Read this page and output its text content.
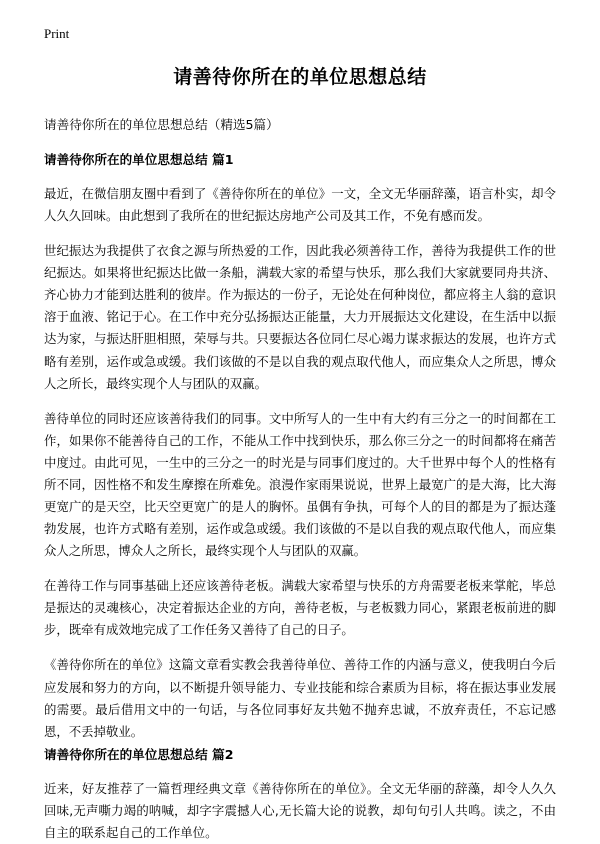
Print
请善待你所在的单位思想总结
请善待你所在的单位思想总结（精选5篇）
请善待你所在的单位思想总结 篇1

最近，在微信朋友圈中看到了《善待你所在的单位》一文，全文无华丽辞藻，语言朴实，却令人久久回味。由此想到了我所在的世纪振达房地产公司及其工作，不免有感而发。

世纪振达为我提供了衣食之源与所热爱的工作，因此我必须善待工作，善待为我提供工作的世纪振达。如果将世纪振达比做一条船，满载大家的希望与快乐，那么我们大家就要同舟共济、齐心协力才能到达胜利的彼岸。作为振达的一份子，无论处在何种岗位，都应将主人翁的意识溶于血液、铭记于心。在工作中充分弘扬振达正能量，大力开展振达文化建设，在生活中以振达为家，与振达肝胆相照，荣辱与共。只要振达各位同仁尽心竭力谋求振达的发展，也许方式略有差别，运作或急或缓。我们该做的不是以自我的观点取代他人，而应集众人之所思，博众人之所长，最终实现个人与团队的双赢。

善待单位的同时还应该善待我们的同事。文中所写人的一生中有大约有三分之一的时间都在工作，如果你不能善待自己的工作，不能从工作中找到快乐，那么你三分之一的时间都将在痛苦中度过。由此可见，一生中的三分之一的时光是与同事们度过的。大千世界中每个人的性格有所不同，因性格不和发生摩擦在所难免。浪漫作家雨果说说，世界上最宽广的是大海，比大海更宽广的是天空，比天空更宽广的是人的胸怀。虽偶有争执，可每个人的目的都是为了振达蓬勃发展，也许方式略有差别，运作或急或缓。我们该做的不是以自我的观点取代他人，而应集众人之所思，博众人之所长，最终实现个人与团队的双赢。

在善待工作与同事基础上还应该善待老板。满载大家希望与快乐的方舟需要老板来掌舵，毕总是振达的灵魂核心，决定着振达企业的方向，善待老板，与老板戮力同心，紧跟老板前进的脚步，既牵有成效地完成了工作任务又善待了自己的日子。

《善待你所在的单位》这篇文章看实教会我善待单位、善待工作的内涵与意义，使我明白今后应发展和努力的方向，以不断提升领导能力、专业技能和综合素质为目标，将在振达事业发展的需要。最后借用文中的一句话，与各位同事好友共勉不抛弃忠诚，不放弃责任，不忘记感恩，不丢掉敬业。

请善待你所在的单位思想总结 篇2

近来，好友推荐了一篇哲理经典文章《善待你所在的单位》。全文无华丽的辞藻，却令人久久回味,无声嘶力竭的呐喊，却字字震撼人心,无长篇大论的说教，却句句引人共鸣。读之，不由自主的联系起自己的工作单位。
